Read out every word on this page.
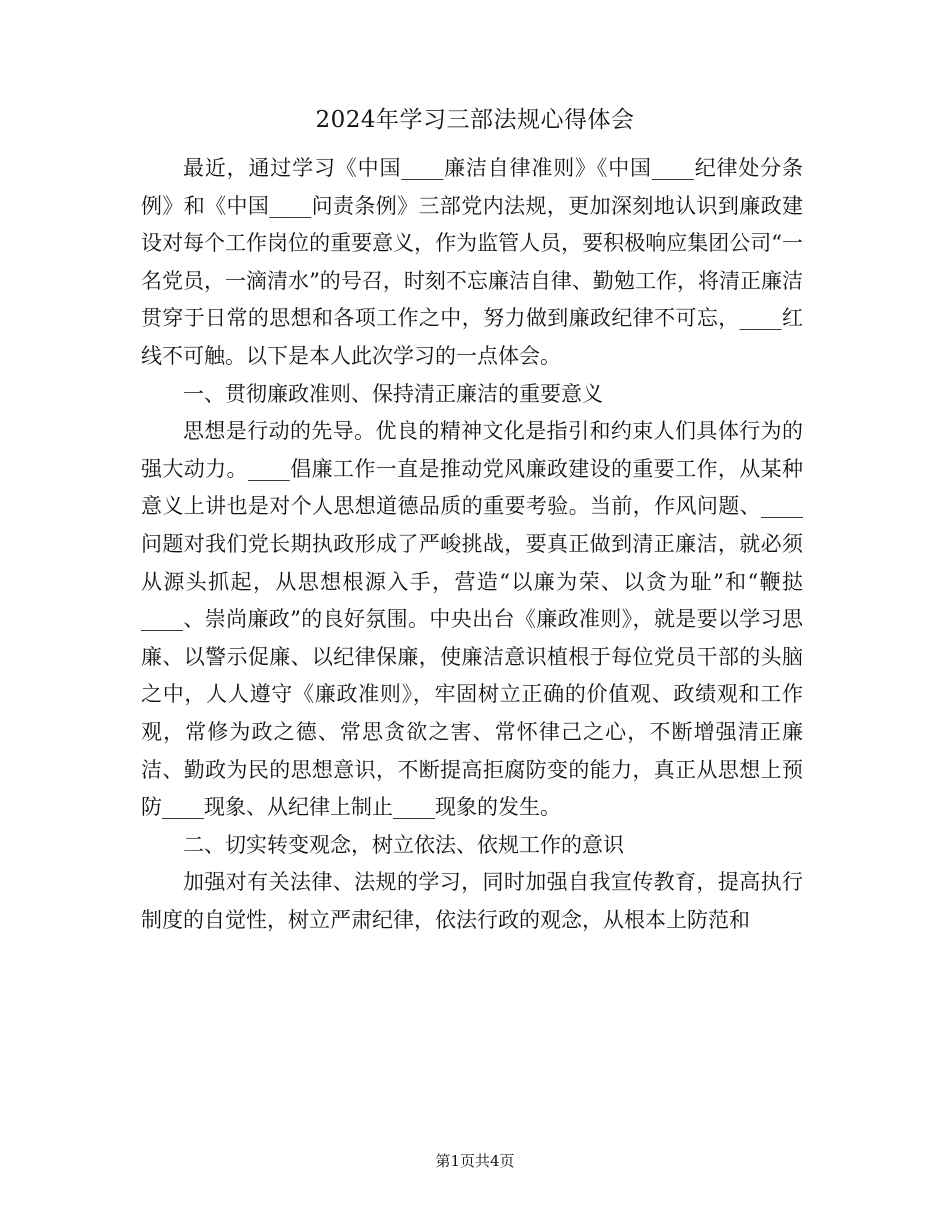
2024年学习三部法规心得体会

最近，通过学习《中国____廉洁自律准则》《中国____纪律处分条例》和《中国____问责条例》三部党内法规，更加深刻地认识到廉政建设对每个工作岗位的重要意义，作为监管人员，要积极响应集团公司“一名党员，一滴清水”的号召，时刻不忘廉洁自律、勤勉工作，将清正廉洁贯穿于日常的思想和各项工作之中，努力做到廉政纪律不可忘，____红线不可触。以下是本人此次学习的一点体会。

一、贯彻廉政准则、保持清正廉洁的重要意义

思想是行动的先导。优良的精神文化是指引和约束人们具体行为的强大动力。____倡廉工作一直是推动党风廉政建设的重要工作，从某种意义上讲也是对个人思想道德品质的重要考验。当前，作风问题、____问题对我们党长期执政形成了严峻挑战，要真正做到清正廉洁，就必须从源头抓起，从思想根源入手，营造“以廉为荣、以贪为耻”和“鞭挞____、崇尚廉政”的良好氛围。中央出台《廉政准则》，就是要以学习思廉、以警示促廉、以纪律保廉，使廉洁意识植根于每位党员干部的头脑之中，人人遵守《廉政准则》，牢固树立正确的价值观、政绩观和工作观，常修为政之德、常思贪欲之害、常怀律己之心，不断增强清正廉洁、勤政为民的思想意识，不断提高拒腐防变的能力，真正从思想上预防____现象、从纪律上制止____现象的发生。

二、切实转变观念，树立依法、依规工作的意识

加强对有关法律、法规的学习，同时加强自我宣传教育，提高执行制度的自觉性，树立严肃纪律，依法行政的观念，从根本上防范和

第1页共4页
